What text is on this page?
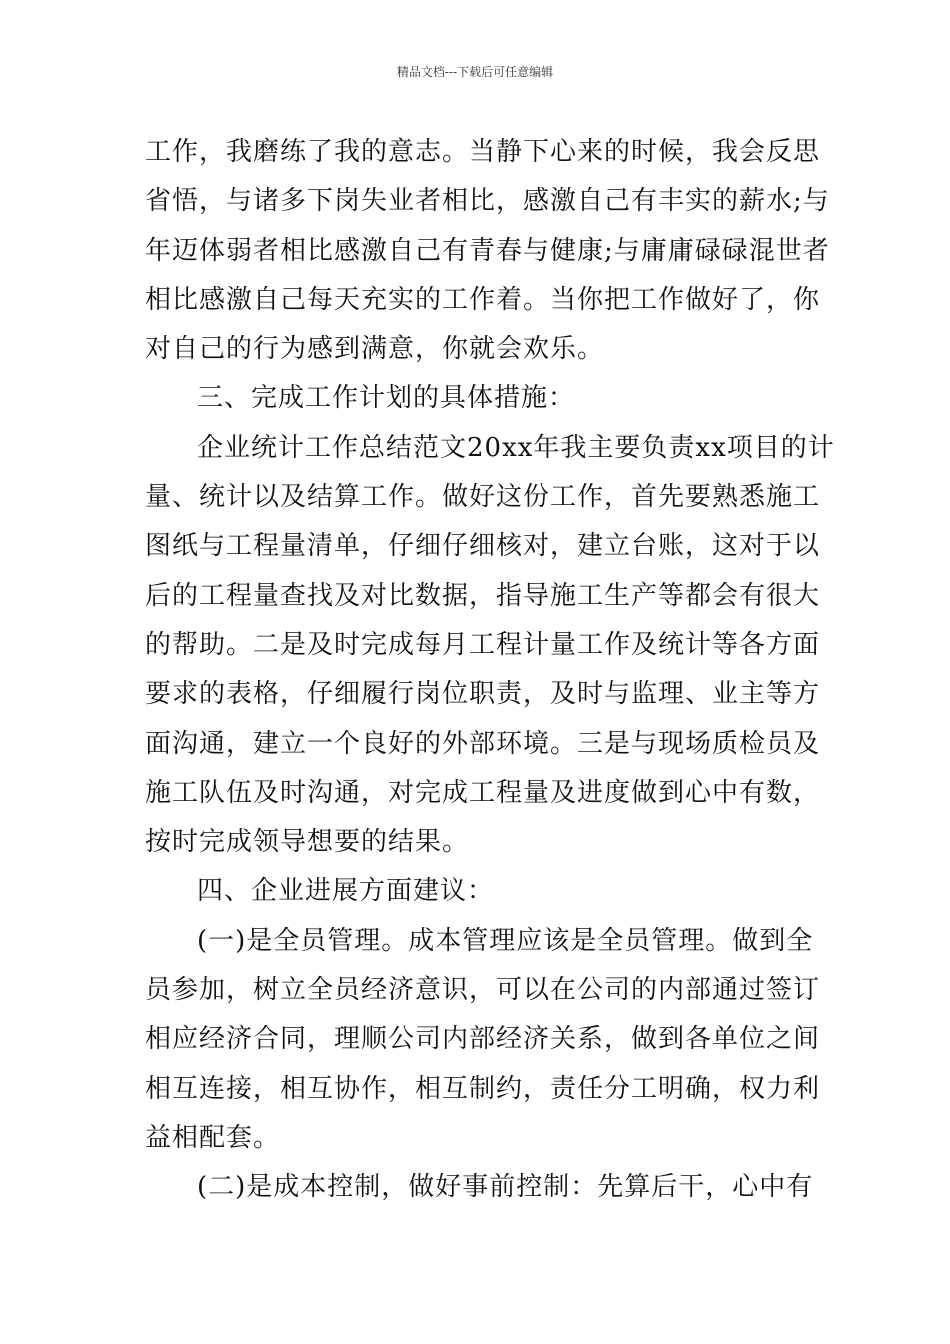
精品文档---下载后可任意编辑
工作，我磨练了我的意志。当静下心来的时候，我会反思
省悟，与诸多下岗失业者相比，感激自己有丰实的薪水;与
年迈体弱者相比感激自己有青春与健康;与庸庸碌碌混世者
相比感激自己每天充实的工作着。当你把工作做好了，你
对自己的行为感到满意，你就会欢乐。
三、完成工作计划的具体措施：
企业统计工作总结范文20xx年我主要负责xx项目的计
量、统计以及结算工作。做好这份工作，首先要熟悉施工
图纸与工程量清单，仔细仔细核对，建立台账，这对于以
后的工程量查找及对比数据，指导施工生产等都会有很大
的帮助。二是及时完成每月工程计量工作及统计等各方面
要求的表格，仔细履行岗位职责，及时与监理、业主等方
面沟通，建立一个良好的外部环境。三是与现场质检员及
施工队伍及时沟通，对完成工程量及进度做到心中有数，
按时完成领导想要的结果。
四、企业进展方面建议：
(一)是全员管理。成本管理应该是全员管理。做到全
员参加，树立全员经济意识，可以在公司的内部通过签订
相应经济合同，理顺公司内部经济关系，做到各单位之间
相互连接，相互协作，相互制约，责任分工明确，权力利
益相配套。
(二)是成本控制，做好事前控制：先算后干，心中有
